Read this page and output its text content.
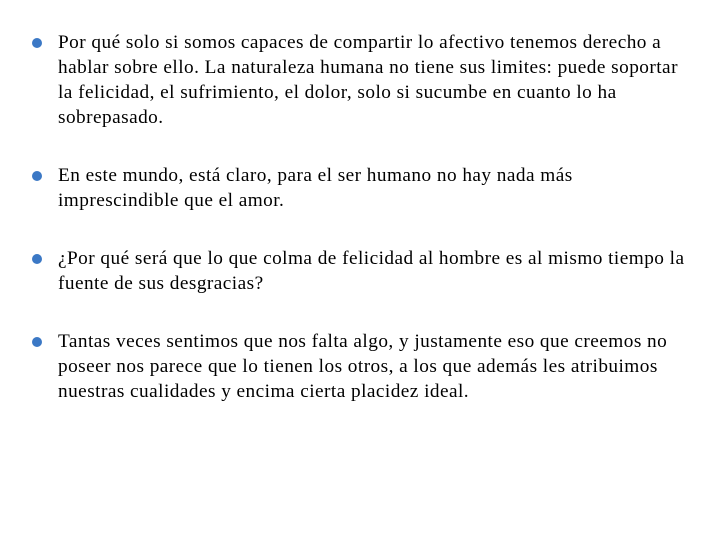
Por qué solo si somos capaces de compartir lo afectivo tenemos derecho a hablar sobre ello. La naturaleza humana no tiene sus limites: puede soportar la felicidad, el sufrimiento, el dolor, solo si sucumbe en cuanto lo ha sobrepasado.
En este mundo, está claro, para el ser humano no hay nada más imprescindible que el amor.
¿Por qué será que lo que colma de felicidad al hombre es al mismo tiempo la fuente de sus desgracias?
Tantas veces sentimos que nos falta algo, y justamente eso que creemos no poseer nos parece que lo tienen los otros, a los que además les atribuimos nuestras cualidades y encima cierta placidez ideal.
